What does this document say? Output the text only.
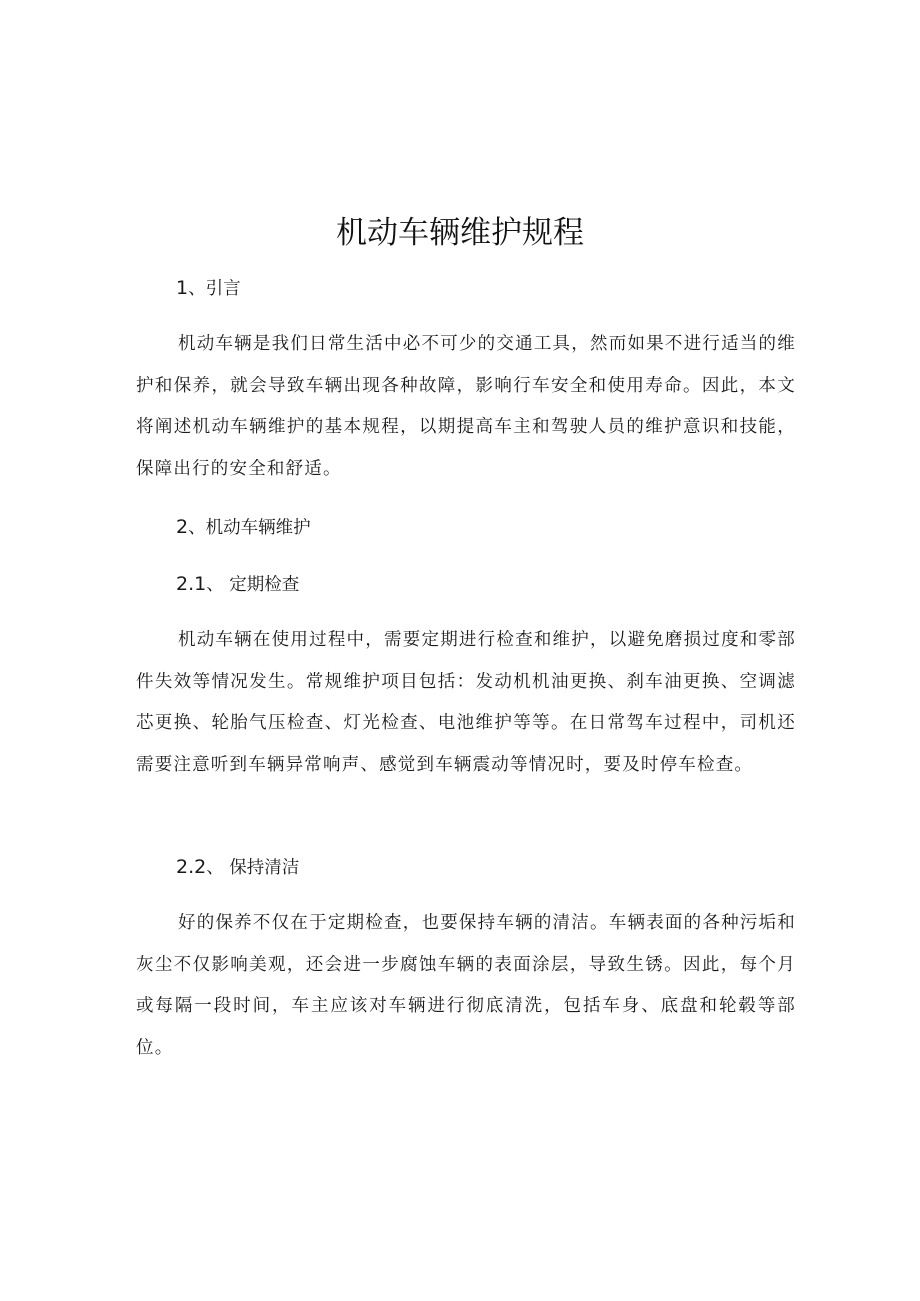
机动车辆维护规程
1、引言

机动车辆是我们日常生活中必不可少的交通工具，然而如果不进行适当的维护和保养，就会导致车辆出现各种故障，影响行车安全和使用寿命。因此，本文将阐述机动车辆维护的基本规程，以期提高车主和驾驶人员的维护意识和技能，保障出行的安全和舒适。

2、机动车辆维护
2.1、 定期检查

机动车辆在使用过程中，需要定期进行检查和维护，以避免磨损过度和零部件失效等情况发生。常规维护项目包括：发动机机油更换、刹车油更换、空调滤芯更换、轮胎气压检查、灯光检查、电池维护等等。在日常驾车过程中，司机还需要注意听到车辆异常响声、感觉到车辆震动等情况时，要及时停车检查。

2.2、 保持清洁

好的保养不仅在于定期检查，也要保持车辆的清洁。车辆表面的各种污垢和灰尘不仅影响美观，还会进一步腐蚀车辆的表面涂层，导致生锈。因此，每个月或每隔一段时间，车主应该对车辆进行彻底清洗，包括车身、底盘和轮毂等部位。
